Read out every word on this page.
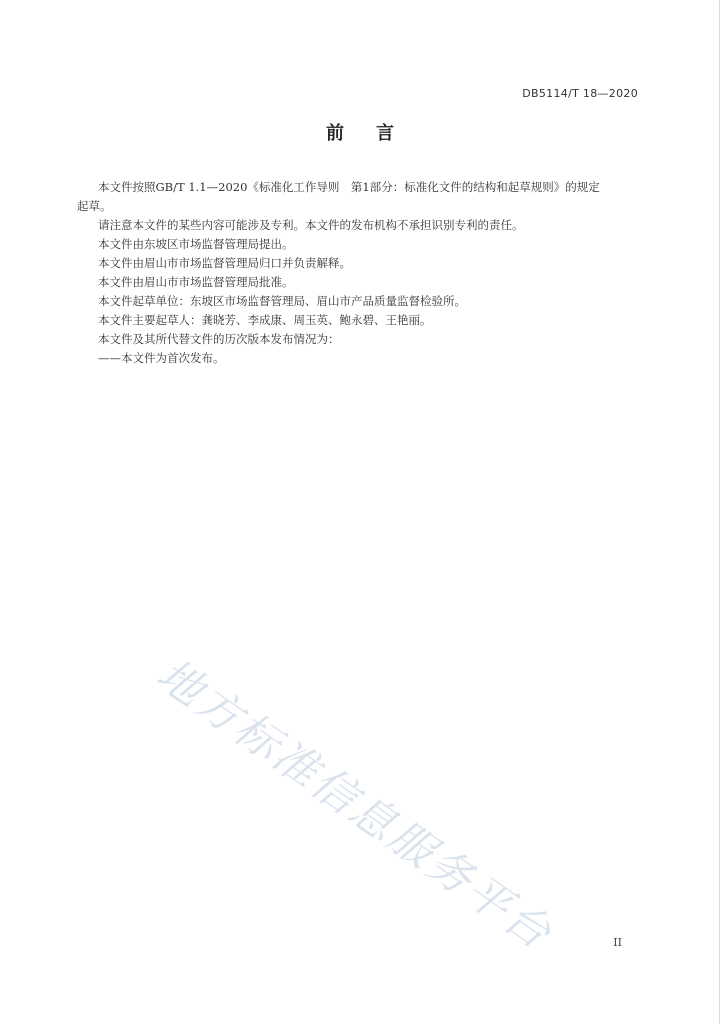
DB5114/T 18—2020
前言

本文件按照GB/T 1.1—2020《标准化工作导则　第1部分：标准化文件的结构和起草规则》的规定

起草。

请注意本文件的某些内容可能涉及专利。本文件的发布机构不承担识别专利的责任。

本文件由东坡区市场监督管理局提出。

本文件由眉山市市场监督管理局归口并负责解释。

本文件由眉山市市场监督管理局批准。

本文件起草单位：东坡区市场监督管理局、眉山市产品质量监督检验所。

本文件主要起草人：龚晓芳、李成康、周玉英、鲍永碧、王艳丽。

本文件及其所代替文件的历次版本发布情况为：

——本文件为首次发布。

地方标准信息服务平台	II
